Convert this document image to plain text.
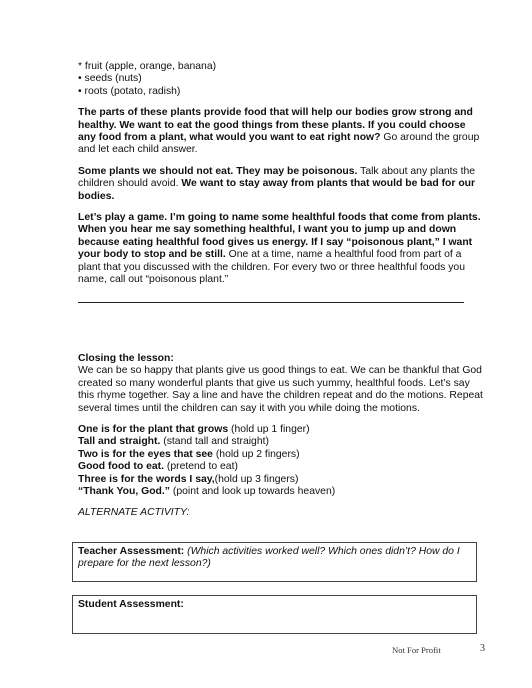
* fruit (apple, orange, banana)

• seeds (nuts)

• roots (potato, radish)

The parts of these plants provide food that will help our bodies grow strong and healthy. We want to eat the good things from these plants. If you could choose any food from a plant, what would you want to eat right now? Go around the group and let each child answer.

Some plants we should not eat. They may be poisonous. Talk about any plants the children should avoid. We want to stay away from plants that would be bad for our bodies.

Let’s play a game. I’m going to name some healthful foods that come from plants. When you hear me say something healthful, I want you to jump up and down because eating healthful food gives us energy. If I say “poisonous plant,” I want your body to stop and be still. One at a time, name a healthful food from part of a plant that you discussed with the children. For every two or three healthful foods you name, call out “poisonous plant.”

Closing the lesson:

We can be so happy that plants give us good things to eat. We can be thankful that God created so many wonderful plants that give us such yummy, healthful foods. Let’s say this rhyme together. Say a line and have the children repeat and do the motions. Repeat several times until the children can say it with you while doing the motions.

One is for the plant that grows (hold up 1 finger)

Tall and straight. (stand tall and straight)

Two is for the eyes that see (hold up 2 fingers)

Good food to eat. (pretend to eat)

Three is for the words I say,(hold up 3 fingers)

“Thank You, God.” (point and look up towards heaven)

ALTERNATE ACTIVITY:

Teacher Assessment: (Which activities worked well? Which ones didn’t? How do I prepare for the next lesson?)
Student Assessment:
Not For Profit	3
